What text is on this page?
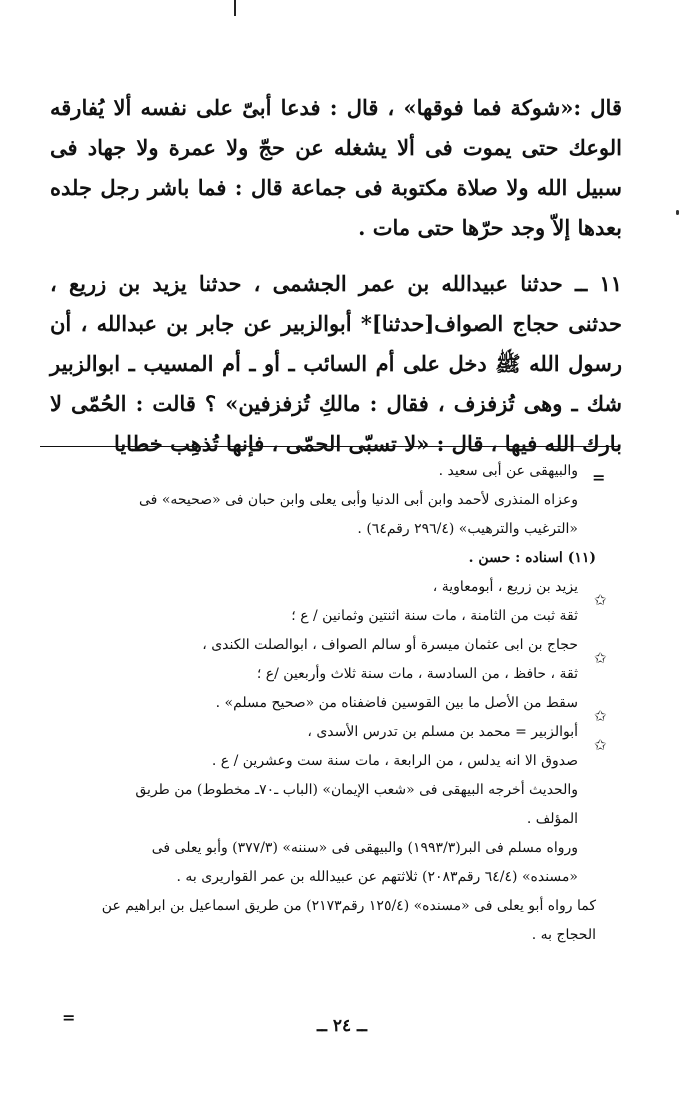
قال :«شوكة فما فوقها» ، قال : فدعا أبىّ على نفسه ألا يُفارقه الوعك حتى يموت فى ألا يشغله عن حجّ ولا عمرة ولا جهاد فى سبيل الله ولا صلاة مكتوبة فى جماعة قال : فما باشر رجل جلده بعدها إلاّ وجد حرّها حتى مات .

١١ ــ حدثنا عبيدالله بن عمر الجشمى ، حدثنا يزيد بن زريع ، حدثنى حجاج الصواف[حدثنا]* أبوالزبير عن جابر بن عبدالله ، أن رسول الله ﷺ دخل على أم السائب ـ أو ـ أم المسيب ـ ابوالزبير شك ـ وهى تُزفزف ، فقال : مالكِ تُزفزفين» ؟ قالت : الحُمّى لا بارك الله فيها ، قال : «لا تسبّى الحمّى ، فإنها تُذهِب خطايا

=

والبيهقى عن أبى سعيد .

وعزاه المنذرى لأحمد وابن أبى الدنيا وأبى يعلى وابن حبان فى «صحيحه» فى

«الترغيب والترهيب» (٢٩٦/٤ رقم٦٤) .

(١١) اسناده : حسن .

يزيد بن زريع ، أبومعاوية ،

ثقة ثبت من الثامنة ، مات سنة اثنتين وثمانين / ع ؛

حجاج بن ابى عثمان ميسرة أو سالم الصواف ، ابوالصلت الكندى ،

ثقة ، حافظ ، من السادسة ، مات سنة ثلاث وأربعين /ع ؛

سقط من الأصل ما بين القوسين فاضفناه من «صحيح مسلم» .

أبوالزبير = محمد بن مسلم بن تدرس الأسدى ،

صدوق الا انه يدلس ، من الرابعة ، مات سنة ست وعشرين / ع .

والحديث أخرجه البيهقى فى «شعب الإيمان» (الباب ـ٧٠ـ مخطوط) من طريق

المؤلف .

ورواه مسلم فى البر(١٩٩٣/٣) والبيهقى فى «سننه» (٣٧٧/٣) وأبو يعلى فى

«مسنده» (٦٤/٤ رقم٢٠٨٣) ثلاثتهم عن عبيدالله بن عمر القواريرى به .

كما رواه أبو يعلى فى «مسنده» (١٢٥/٤ رقم٢١٧٣) من طريق اسماعيل بن ابراهيم عن

الحجاج به .

✩
✩
✩
✩
=	ــ ٢٤ ــ
